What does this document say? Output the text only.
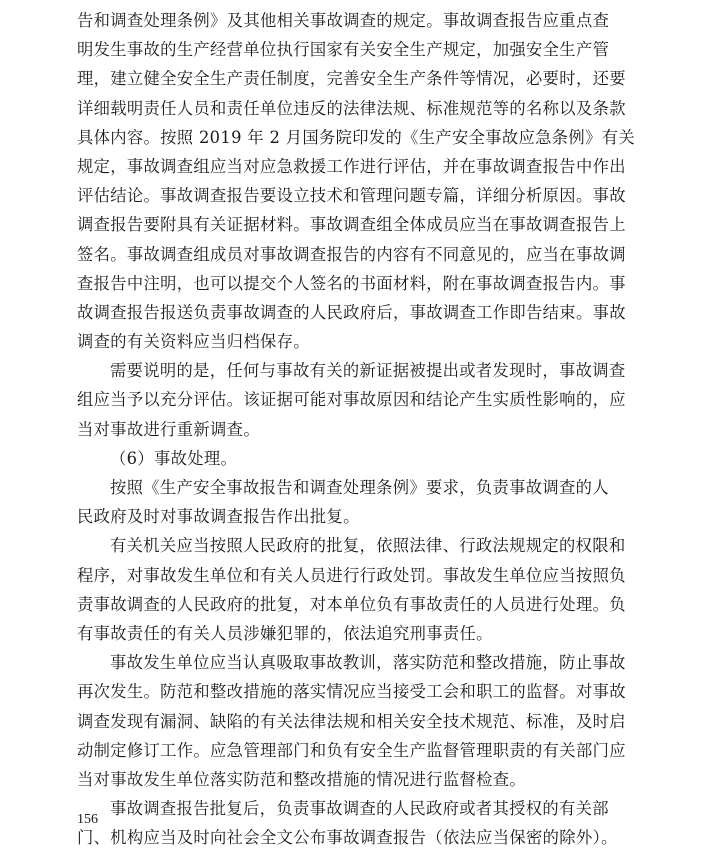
告和调查处理条例》及其他相关事故调查的规定。事故调查报告应重点查
明发生事故的生产经营单位执行国家有关安全生产规定，加强安全生产管
理，建立健全安全生产责任制度，完善安全生产条件等情况，必要时，还要
详细载明责任人员和责任单位违反的法律法规、标准规范等的名称以及条款
具体内容。按照 2019 年 2 月国务院印发的《生产安全事故应急条例》有关
规定，事故调查组应当对应急救援工作进行评估，并在事故调查报告中作出
评估结论。事故调查报告要设立技术和管理问题专篇，详细分析原因。事故
调查报告要附具有关证据材料。事故调查组全体成员应当在事故调查报告上
签名。事故调查组成员对事故调查报告的内容有不同意见的，应当在事故调
查报告中注明，也可以提交个人签名的书面材料，附在事故调查报告内。事
故调查报告报送负责事故调查的人民政府后，事故调查工作即告结束。事故
调查的有关资料应当归档保存。
需要说明的是，任何与事故有关的新证据被提出或者发现时，事故调查
组应当予以充分评估。该证据可能对事故原因和结论产生实质性影响的，应
当对事故进行重新调查。
（6）事故处理。
按照《生产安全事故报告和调查处理条例》要求，负责事故调查的人
民政府及时对事故调查报告作出批复。
有关机关应当按照人民政府的批复，依照法律、行政法规规定的权限和
程序，对事故发生单位和有关人员进行行政处罚。事故发生单位应当按照负
责事故调查的人民政府的批复，对本单位负有事故责任的人员进行处理。负
有事故责任的有关人员涉嫌犯罪的，依法追究刑事责任。
事故发生单位应当认真吸取事故教训，落实防范和整改措施，防止事故
再次发生。防范和整改措施的落实情况应当接受工会和职工的监督。对事故
调查发现有漏洞、缺陷的有关法律法规和相关安全技术规范、标准，及时启
动制定修订工作。应急管理部门和负有安全生产监督管理职责的有关部门应
当对事故发生单位落实防范和整改措施的情况进行监督检查。
事故调查报告批复后，负责事故调查的人民政府或者其授权的有关部
门、机构应当及时向社会全文公布事故调查报告（依法应当保密的除外）。
156
